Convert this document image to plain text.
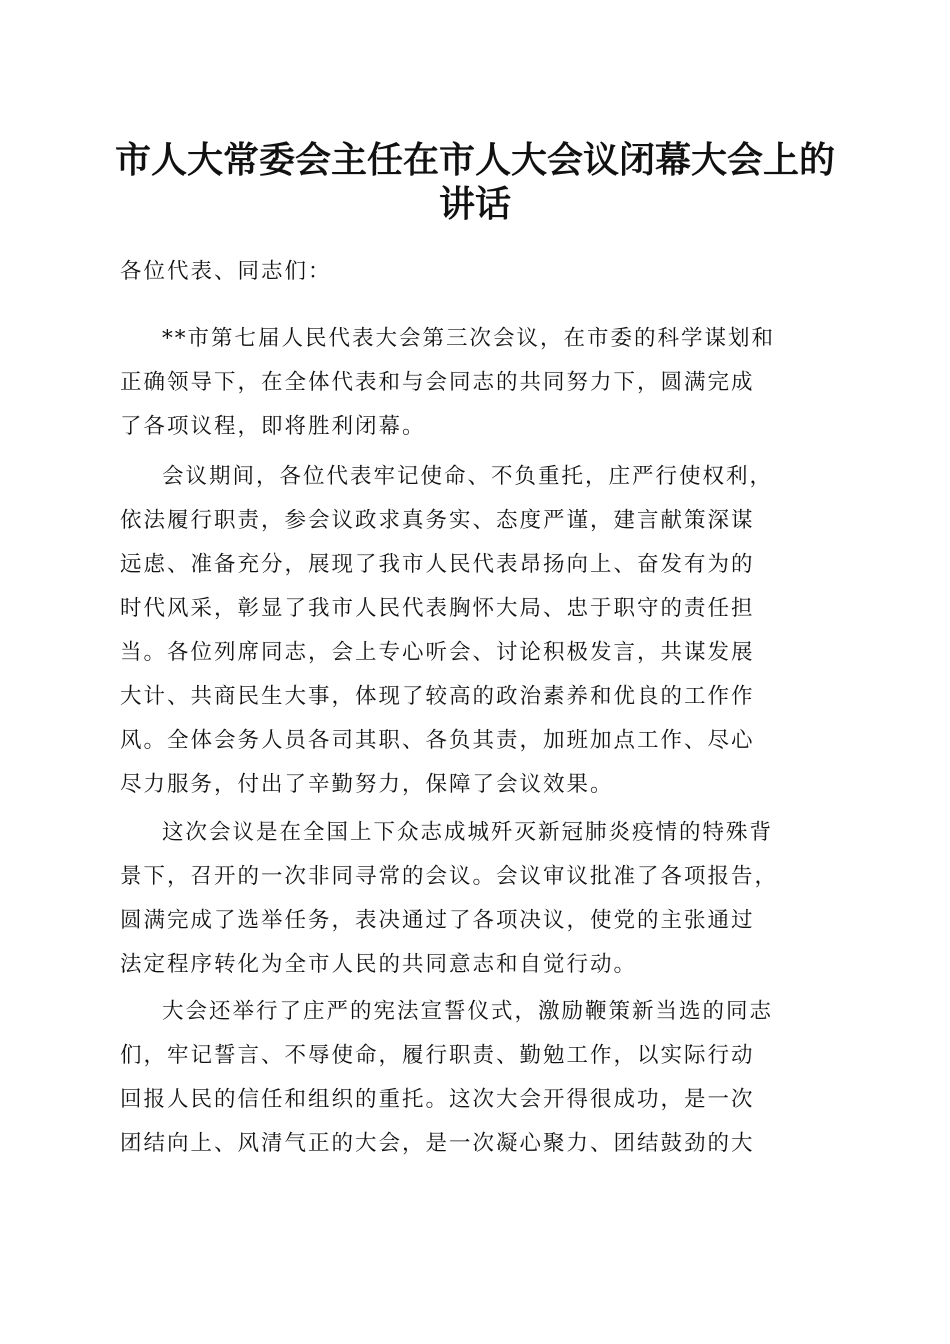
市人大常委会主任在市人大会议闭幕大会上的
讲话
各位代表、同志们：
**市第七届人民代表大会第三次会议，在市委的科学谋划和
正确领导下，在全体代表和与会同志的共同努力下，圆满完成
了各项议程，即将胜利闭幕。
会议期间，各位代表牢记使命、不负重托，庄严行使权利，
依法履行职责，参会议政求真务实、态度严谨，建言献策深谋
远虑、准备充分，展现了我市人民代表昂扬向上、奋发有为的
时代风采，彰显了我市人民代表胸怀大局、忠于职守的责任担
当。各位列席同志，会上专心听会、讨论积极发言，共谋发展
大计、共商民生大事，体现了较高的政治素养和优良的工作作
风。全体会务人员各司其职、各负其责，加班加点工作、尽心
尽力服务，付出了辛勤努力，保障了会议效果。
这次会议是在全国上下众志成城歼灭新冠肺炎疫情的特殊背
景下，召开的一次非同寻常的会议。会议审议批准了各项报告，
圆满完成了选举任务，表决通过了各项决议，使党的主张通过
法定程序转化为全市人民的共同意志和自觉行动。
大会还举行了庄严的宪法宣誓仪式，激励鞭策新当选的同志
们，牢记誓言、不辱使命，履行职责、勤勉工作，以实际行动
回报人民的信任和组织的重托。这次大会开得很成功，是一次
团结向上、风清气正的大会，是一次凝心聚力、团结鼓劲的大
